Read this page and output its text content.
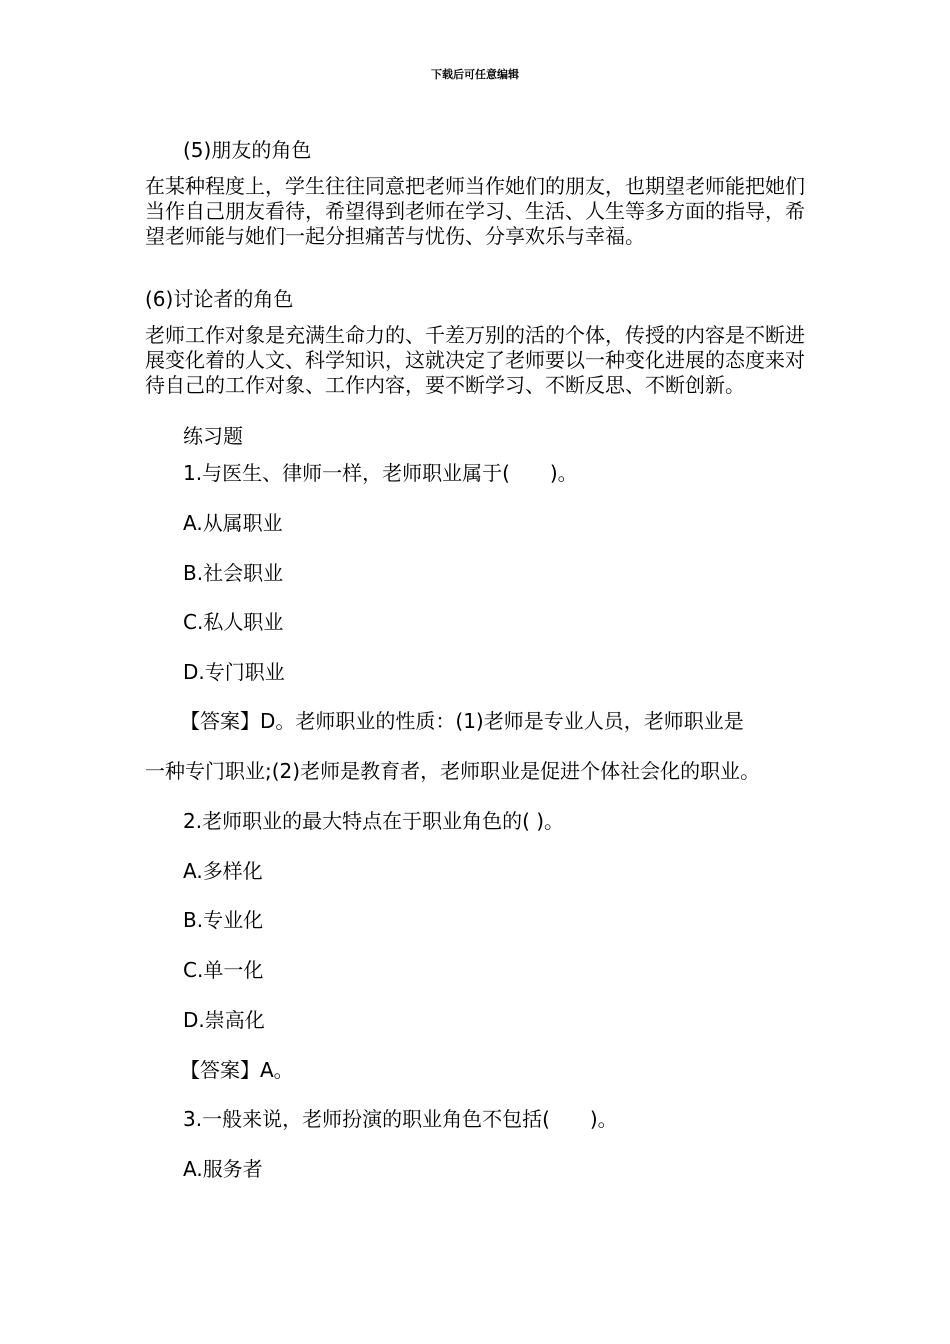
下载后可任意编辑
(5)朋友的角色

在某种程度上，学生往往同意把老师当作她们的朋友，也期望老师能把她们当作自己朋友看待，希望得到老师在学习、生活、人生等多方面的指导，希望老师能与她们一起分担痛苦与忧伤、分享欢乐与幸福。

(6)讨论者的角色

老师工作对象是充满生命力的、千差万别的活的个体，传授的内容是不断进展变化着的人文、科学知识，这就决定了老师要以一种变化进展的态度来对待自己的工作对象、工作内容，要不断学习、不断反思、不断创新。

练习题
1.与医生、律师一样，老师职业属于(　　)。
A.从属职业
B.社会职业
C.私人职业
D.专门职业
【答案】D。老师职业的性质：(1)老师是专业人员，老师职业是
一种专门职业;(2)老师是教育者，老师职业是促进个体社会化的职业。
2.老师职业的最大特点在于职业角色的( )。
A.多样化
B.专业化
C.单一化
D.崇高化
【答案】A。
3.一般来说，老师扮演的职业角色不包括(　　)。
A.服务者
